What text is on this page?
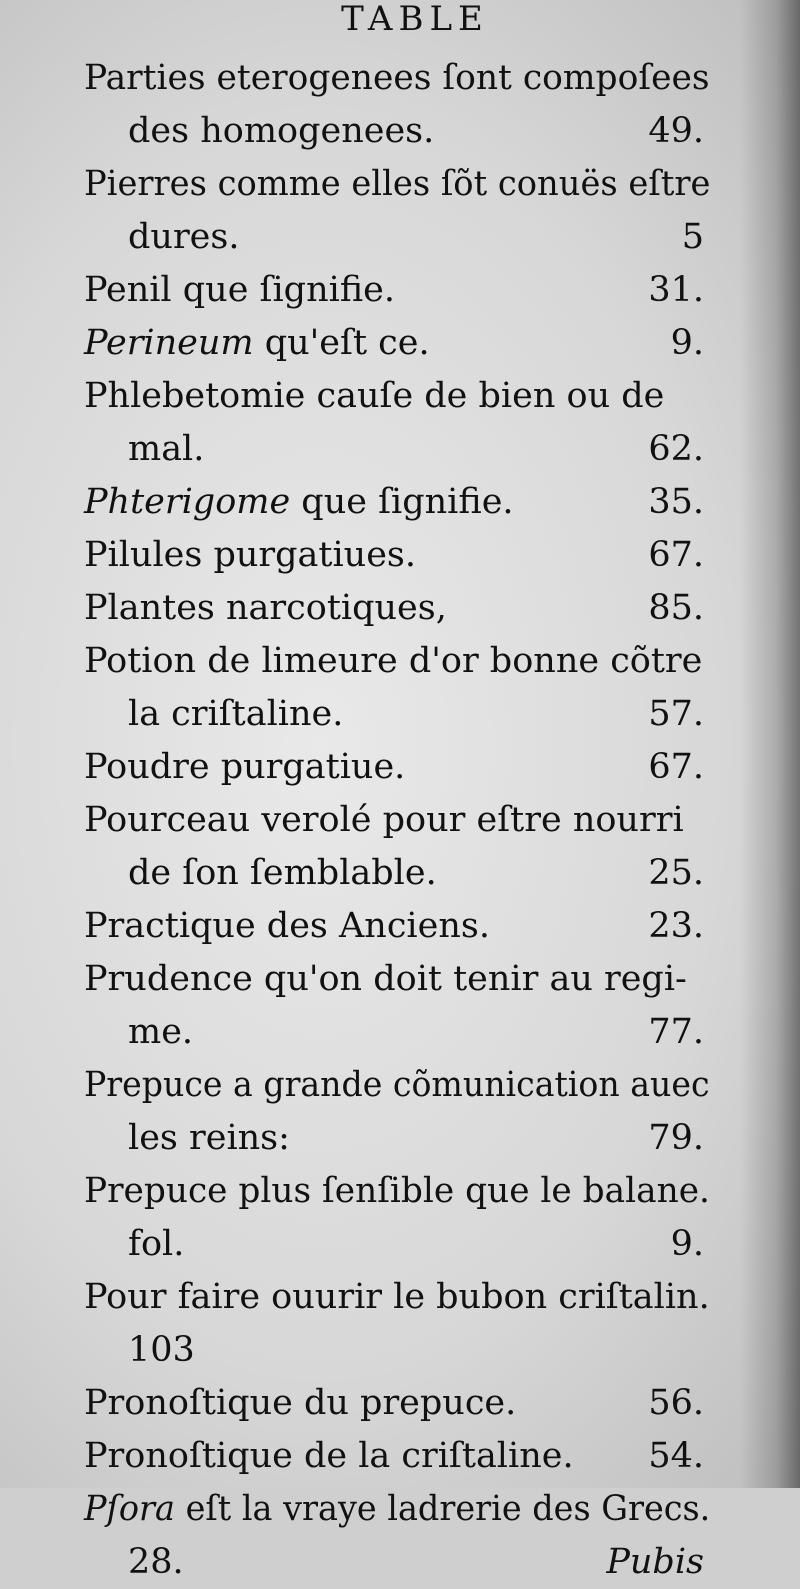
TABLE
Parties eterogenees ſont compoſees
des homogenees.	49.
Pierres comme elles ſõt conuës eſtre
dures.	5
Penil que ſignifie.	31.
Perineum qu'eſt ce.	9.
Phlebetomie cauſe de bien ou de
mal.	62.
Phterigome que ſignifie.	35.
Pilules purgatiues.	67.
Plantes narcotiques,	85.
Potion de limeure d'or bonne cõtre
la criſtaline.	57.
Poudre purgatiue.	67.
Pourceau verolé pour eſtre nourri
de ſon ſemblable.	25.
Practique des Anciens.	23.
Prudence qu'on doit tenir au regi-
me.	77.
Prepuce a grande cõmunication auec
les reins:	79.
Prepuce plus ſenſible que le balane.
fol.	9.
Pour faire ouurir le bubon criſtalin.
103
Pronoſtique du prepuce.	56.
Pronoſtique de la criſtaline. 54.
Pſora eſt la vraye ladrerie des Grecs.
28.	Pubis
